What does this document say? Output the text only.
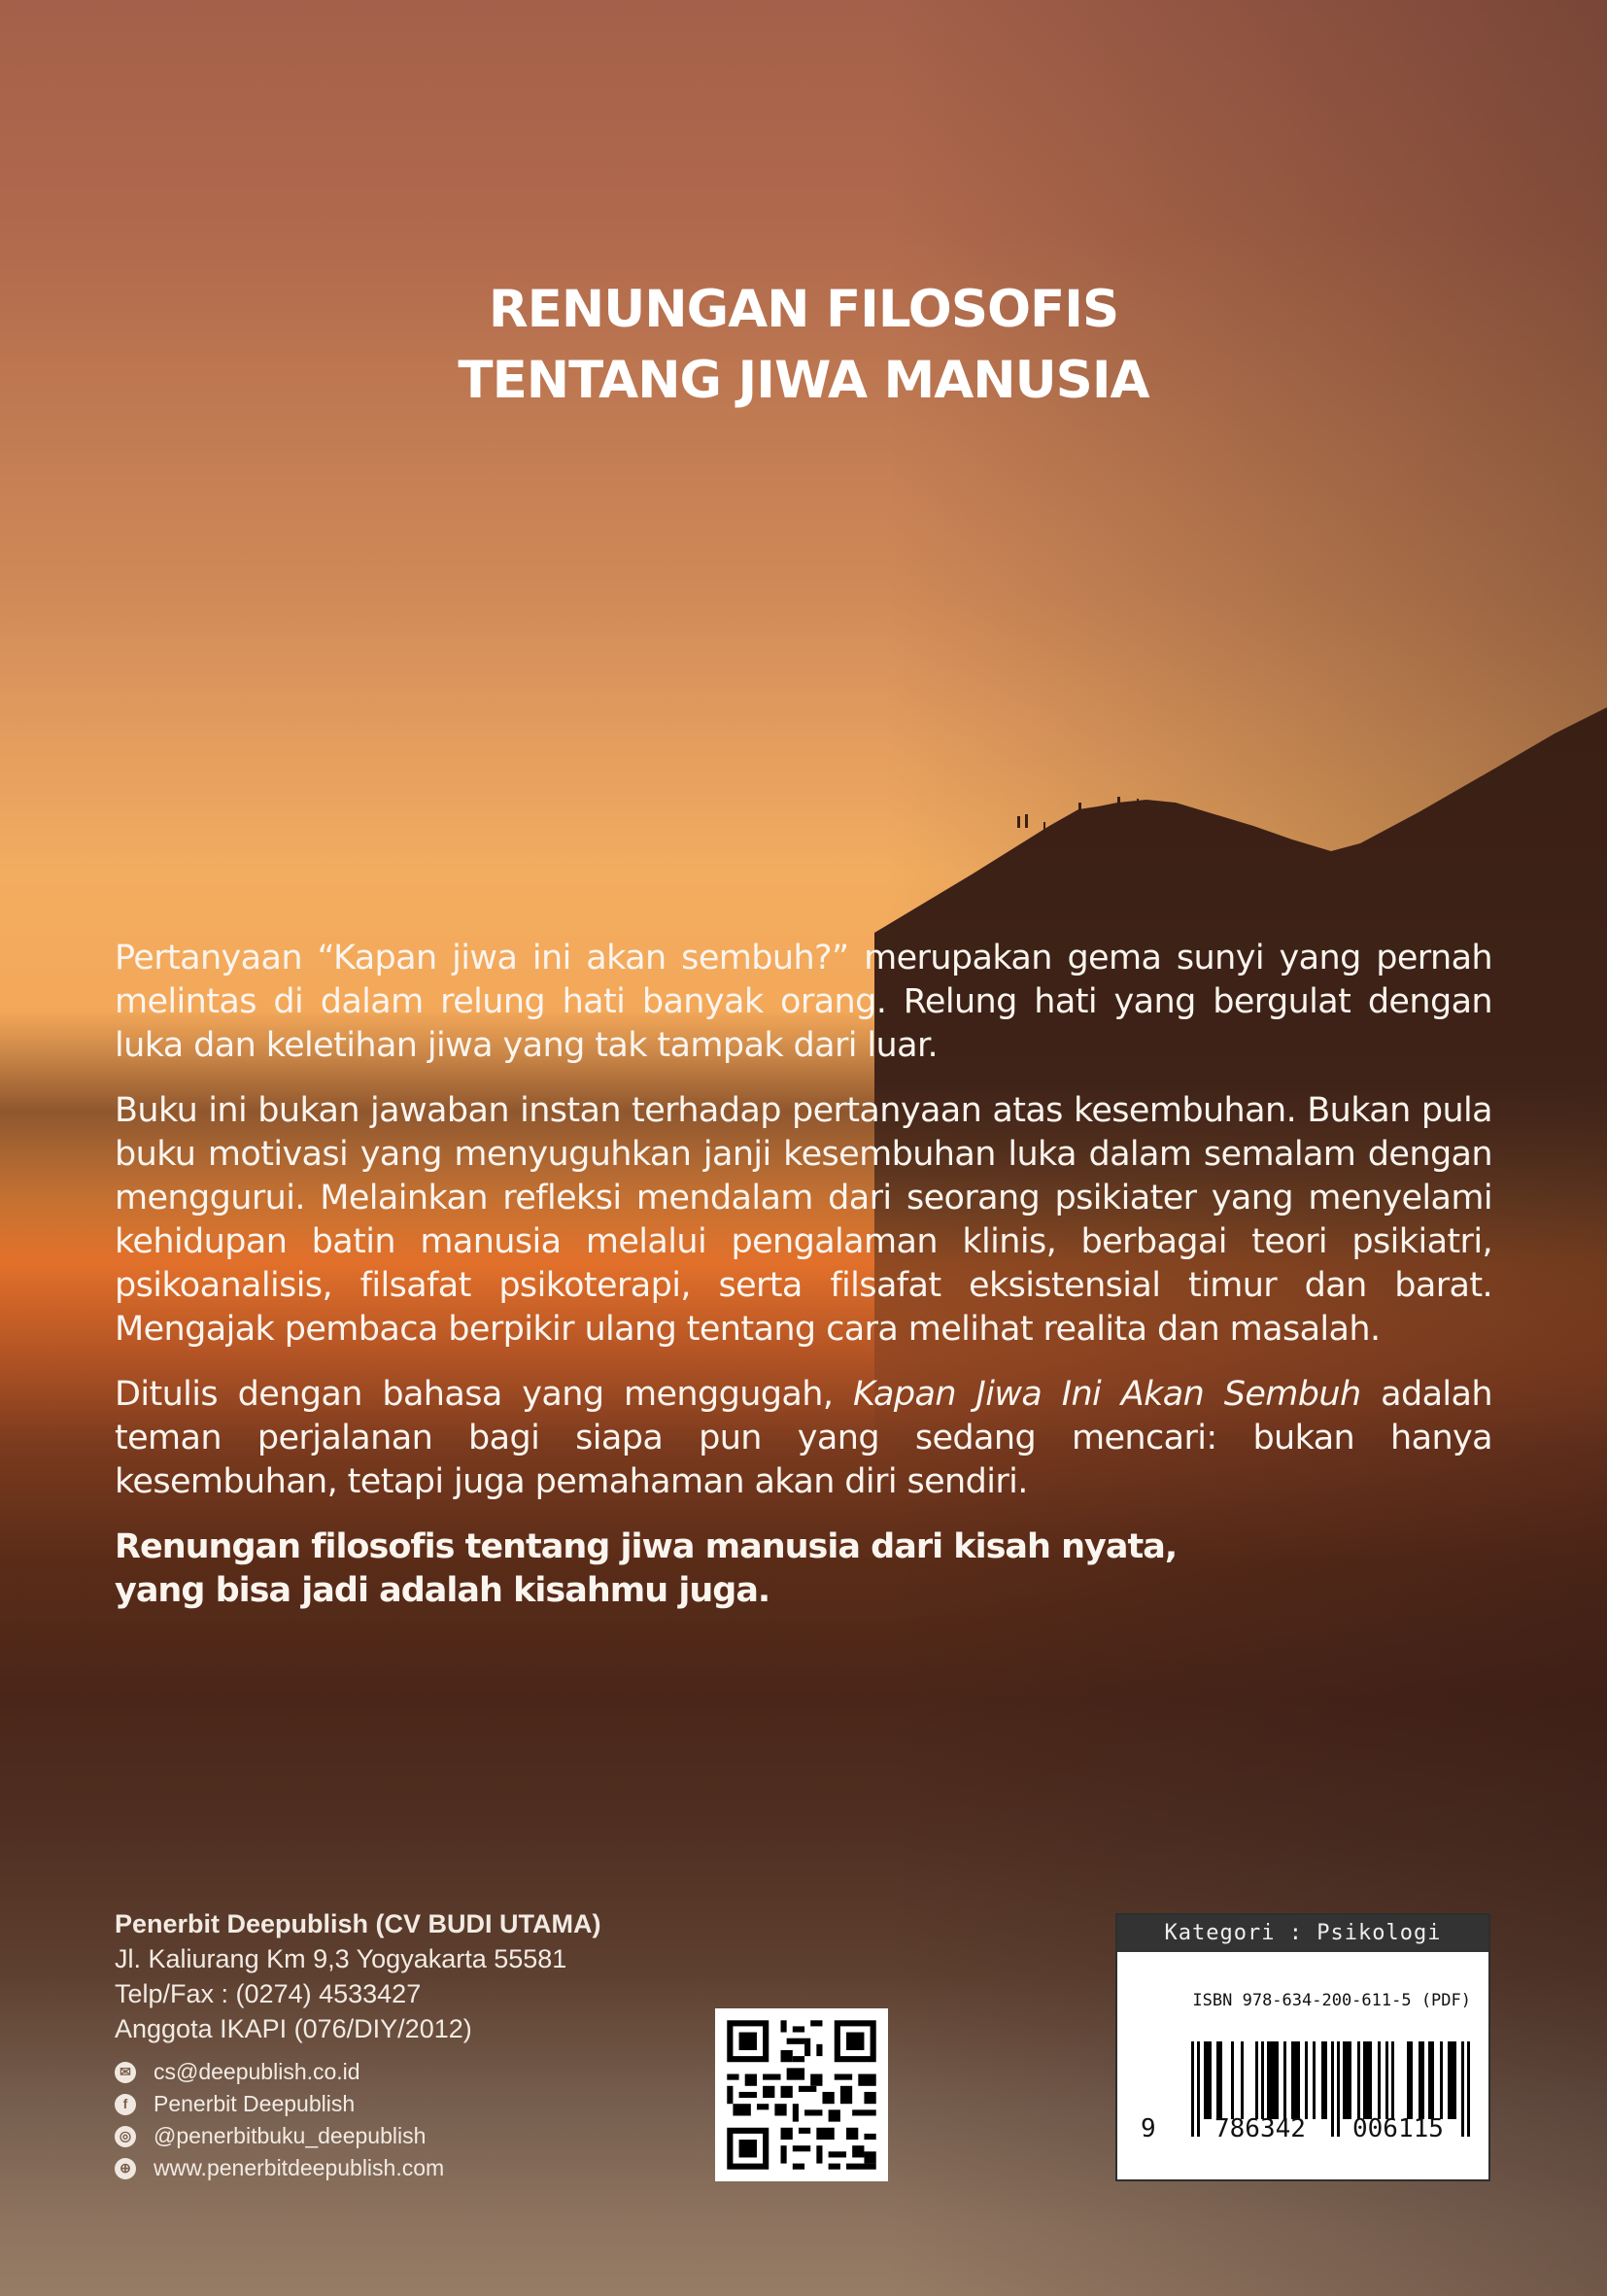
RENUNGAN FILOSOFIS
TENTANG JIWA MANUSIA

Pertanyaan “Kapan jiwa ini akan sembuh?” merupakan gema sunyi yang pernah melintas di dalam relung hati banyak orang. Relung hati yang bergulat dengan luka dan keletihan jiwa yang tak tampak dari luar.

Buku ini bukan jawaban instan terhadap pertanyaan atas kesembuhan. Bukan pula buku motivasi yang menyuguhkan janji kesembuhan luka dalam semalam dengan menggurui. Melainkan refleksi mendalam dari seorang psikiater yang menyelami kehidupan batin manusia melalui pengalaman klinis, berbagai teori psikiatri, psikoanalisis, filsafat psikoterapi, serta filsafat eksistensial timur dan barat. Mengajak pembaca berpikir ulang tentang cara melihat realita dan masalah.

Ditulis dengan bahasa yang menggugah, Kapan Jiwa Ini Akan Sembuh adalah teman perjalanan bagi siapa pun yang sedang mencari: bukan hanya kesembuhan, tetapi juga pemahaman akan diri sendiri.

Renungan filosofis tentang jiwa manusia dari kisah nyata,
yang bisa jadi adalah kisahmu juga.

Penerbit Deepublish (CV BUDI UTAMA)
Jl. Kaliurang Km 9,3 Yogyakarta 55581
Telp/Fax : (0274) 4533427
Anggota IKAPI (076/DIY/2012)
✉ cs@deepublish.co.id
f	Penerbit Deepublish
◎ @penerbitbuku_deepublish
⊕ www.penerbitdeepublish.com
Kategori : Psikologi
ISBN 978-634-200-611-5 (PDF)
9 786342 006115
